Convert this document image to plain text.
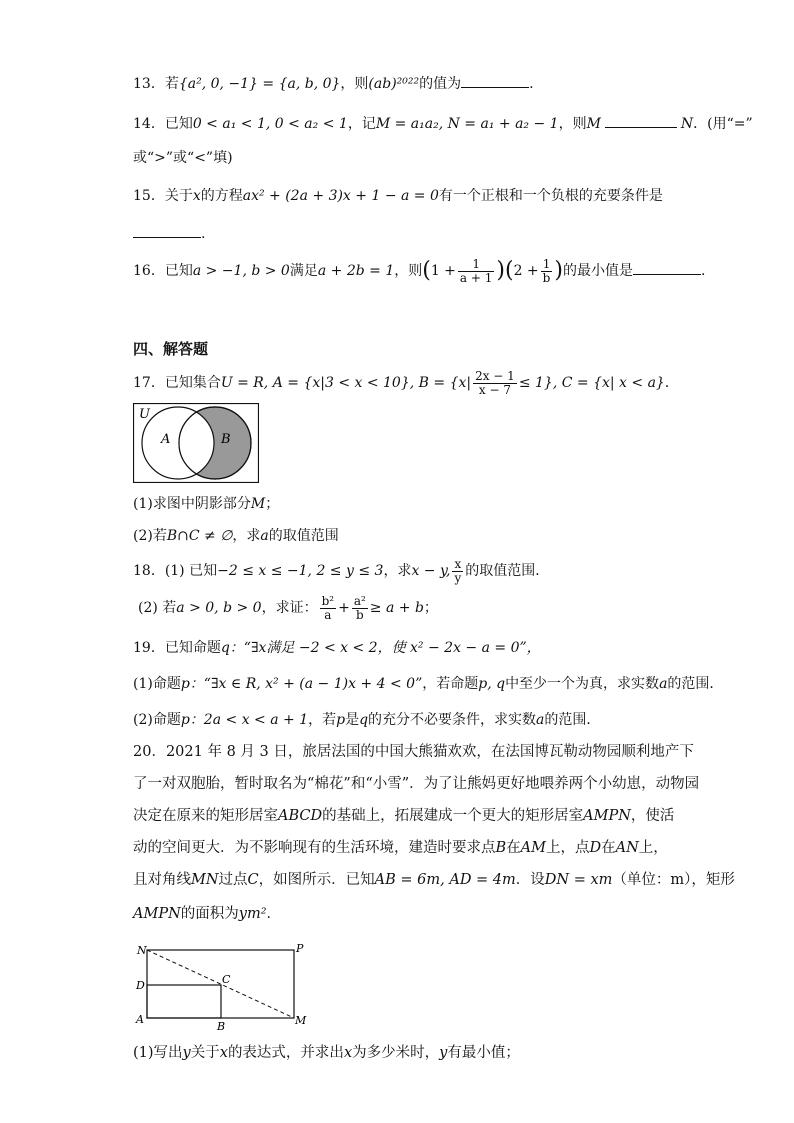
13．若{a², 0, −1} = {a, b, 0}，则(ab)²⁰²²的值为	.
14．已知0 < a₁ < 1, 0 < a₂ < 1，记M = a₁a₂, N = a₁ + a₂ − 1，则M	N．(用“=”
或“>”或“<”填)
15．关于x的方程ax² + (2a + 3)x + 1 − a = 0有一个正根和一个负根的充要条件是
.
16．已知a > −1, b > 0满足a + 2b = 1，则$(1 + \frac{1}{a + 1} )(2 + \frac{1}{b}$ )的最小值是	.
四、解答题
17．已知集合U = R, A = {x|3 < x < 10}, $B = \{x| \frac{2x - 1}{x - 7} \le 1\}$, C = {x| x < a}．
U
A	B
(1)求图中阴影部分M；
(2)若B∩C ≠ ∅，求a的取值范围
18．(1) 已知−2 ≤ x ≤ −1, 2 ≤ y ≤ 3，求x − y, $\frac{x}{y}$ 的取值范围．
(2) 若a > 0, b > 0，求证： $\frac{\text{b²}}{a} + \frac{\text{a²}}{b} \ge a + b$；
19．已知命题q：“∃x满足 −2 < x < 2，使 x² − 2x − a = 0”，
(1)命题p：“∃x ∈ R, x² + (a − 1)x + 4 < 0”，若命题p, q中至少一个为真，求实数a的范围．
(2)命题p：2a < x < a + 1，若p是q的充分不必要条件，求实数a的范围．
20．2021 年 8 月 3 日，旅居法国的中国大熊猫欢欢，在法国博瓦勒动物园顺利地产下
了一对双胞胎，暂时取名为“棉花”和“小雪”．为了让熊妈更好地喂养两个小幼崽，动物园
决定在原来的矩形居室ABCD的基础上，拓展建成一个更大的矩形居室AMPN，使活
动的空间更大．为不影响现有的生活环境，建造时要求点B在AM上，点D在AN上，
且对角线MN过点C，如图所示．已知AB = 6m, AD = 4m．设DN = xm（单位：m），矩形
AMPN的面积为ym²．
N	P
C
D
A
B	M
(1)写出y关于x的表达式，并求出x为多少米时，y有最小值；
